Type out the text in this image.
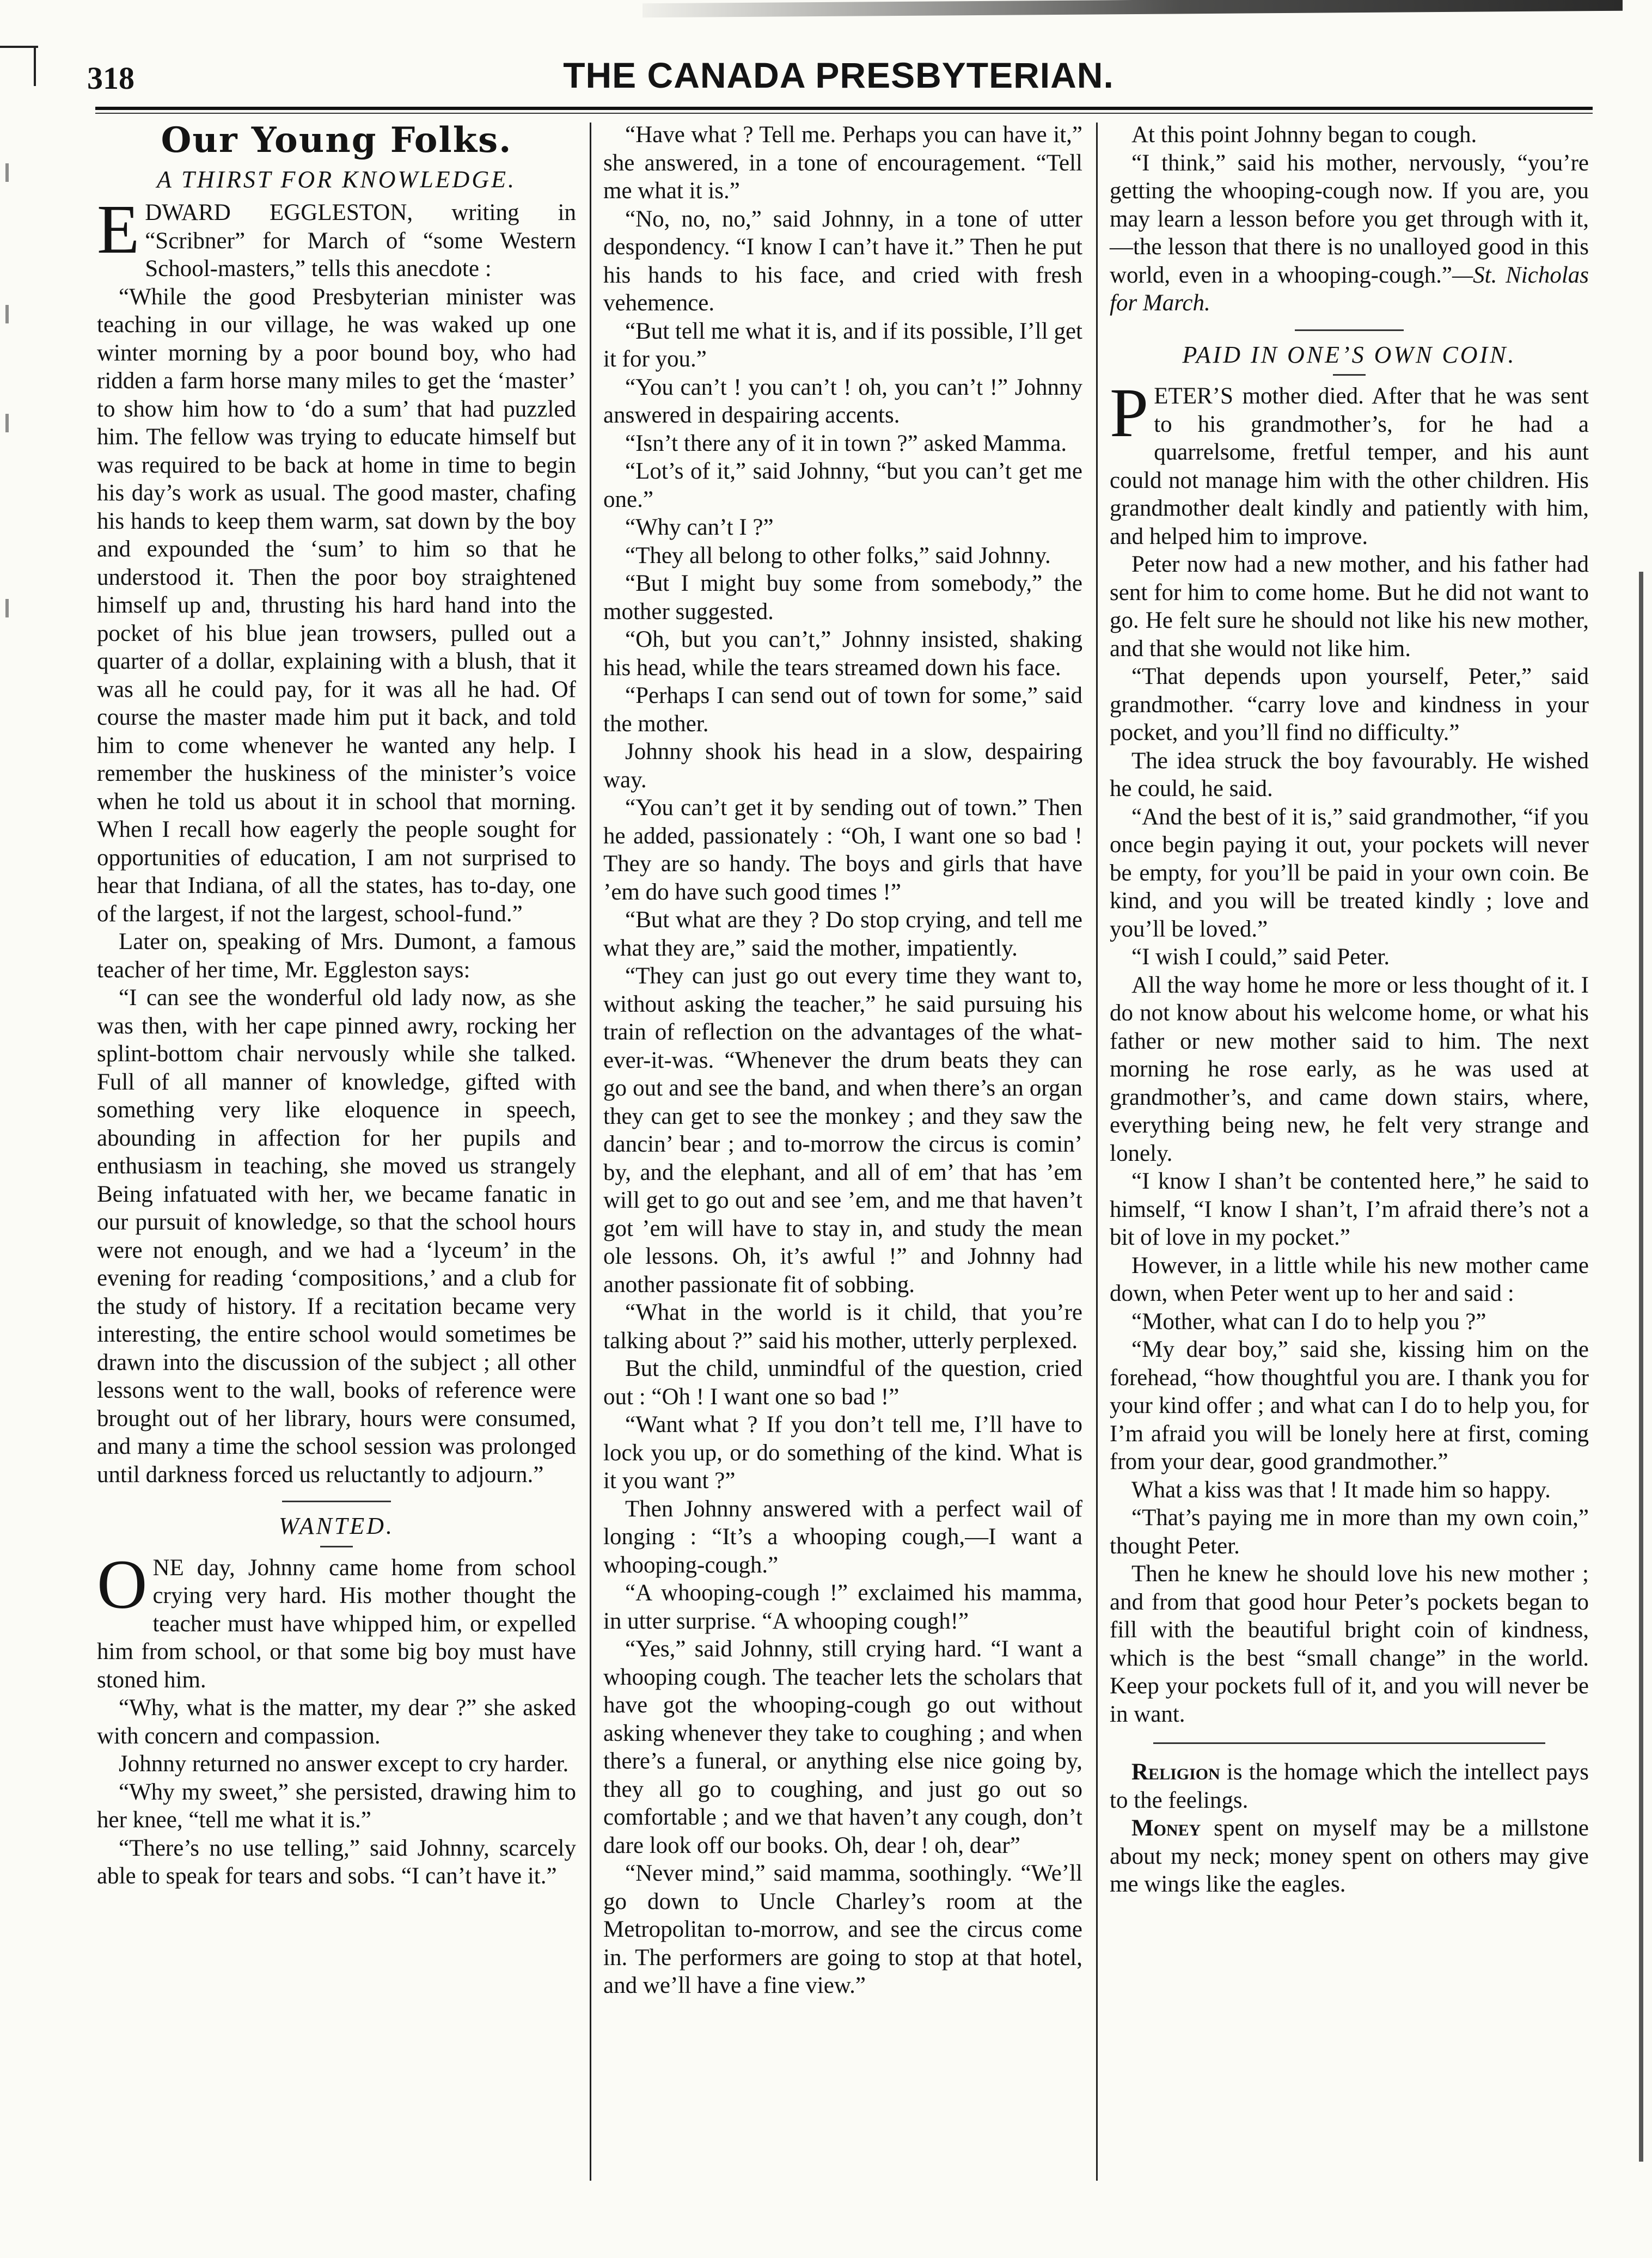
THE CANADA PRESBYTERIAN.
318
Our Young Folks.
A THIRST FOR KNOWLEDGE.

EDWARD EGGLESTON, writing in “Scribner” for March of “some Western School-masters,” tells this anecdote :

“While the good Presbyterian minister was teaching in our village, he was waked up one winter morning by a poor bound boy, who had ridden a farm horse many miles to get the ‘master’ to show him how to ‘do a sum’ that had puzzled him. The fellow was trying to educate himself but was required to be back at home in time to begin his day’s work as usual. The good master, chafing his hands to keep them warm, sat down by the boy and expounded the ‘sum’ to him so that he understood it. Then the poor boy straightened himself up and, thrusting his hard hand into the pocket of his blue jean trowsers, pulled out a quarter of a dollar, explaining with a blush, that it was all he could pay, for it was all he had. Of course the master made him put it back, and told him to come whenever he wanted any help. I remember the huskiness of the minister’s voice when he told us about it in school that morning. When I recall how eagerly the people sought for opportunities of education, I am not surprised to hear that Indiana, of all the states, has to-day, one of the largest, if not the largest, school-fund.”

Later on, speaking of Mrs. Dumont, a famous teacher of her time, Mr. Eggleston says:

“I can see the wonderful old lady now, as she was then, with her cape pinned awry, rocking her splint-bottom chair nervously while she talked. Full of all manner of knowledge, gifted with something very like eloquence in speech, abounding in affection for her pupils and enthusiasm in teaching, she moved us strangely Being infatuated with her, we became fanatic in our pursuit of knowledge, so that the school hours were not enough, and we had a ‘lyceum’ in the evening for reading ‘compositions,’ and a club for the study of history. If a recitation became very interesting, the entire school would sometimes be drawn into the discussion of the subject ; all other lessons went to the wall, books of reference were brought out of her library, hours were consumed, and many a time the school session was prolonged until darkness forced us reluctantly to adjourn.”

WANTED.

ONE day, Johnny came home from school crying very hard. His mother thought the teacher must have whipped him, or expelled him from school, or that some big boy must have stoned him.

“Why, what is the matter, my dear ?” she asked with concern and compassion.

Johnny returned no answer except to cry harder.

“Why my sweet,” she persisted, drawing him to her knee, “tell me what it is.”

“There’s no use telling,” said Johnny, scarcely able to speak for tears and sobs. “I can’t have it.”

“Have what ? Tell me. Perhaps you can have it,” she answered, in a tone of encouragement. “Tell me what it is.”

“No, no, no,” said Johnny, in a tone of utter despondency. “I know I can’t have it.” Then he put his hands to his face, and cried with fresh vehemence.

“But tell me what it is, and if its possible, I’ll get it for you.”

“You can’t ! you can’t ! oh, you can’t !” Johnny answered in despairing accents.

“Isn’t there any of it in town ?” asked Mamma.

“Lot’s of it,” said Johnny, “but you can’t get me one.”

“Why can’t I ?”

“They all belong to other folks,” said Johnny.

“But I might buy some from somebody,” the mother suggested.

“Oh, but you can’t,” Johnny insisted, shaking his head, while the tears streamed down his face.

“Perhaps I can send out of town for some,” said the mother.

Johnny shook his head in a slow, despairing way.

“You can’t get it by sending out of town.” Then he added, passionately : “Oh, I want one so bad ! They are so handy. The boys and girls that have ’em do have such good times !”

“But what are they ? Do stop crying, and tell me what they are,” said the mother, impatiently.

“They can just go out every time they want to, without asking the teacher,” he said pursuing his train of reflection on the advantages of the what-ever-it-was. “Whenever the drum beats they can go out and see the band, and when there’s an organ they can get to see the monkey ; and they saw the dancin’ bear ; and to-morrow the circus is comin’ by, and the elephant, and all of em’ that has ’em will get to go out and see ’em, and me that haven’t got ’em will have to stay in, and study the mean ole lessons. Oh, it’s awful !” and Johnny had another passionate fit of sobbing.

“What in the world is it child, that you’re talking about ?” said his mother, utterly perplexed.

But the child, unmindful of the question, cried out : “Oh ! I want one so bad !”

“Want what ? If you don’t tell me, I’ll have to lock you up, or do something of the kind. What is it you want ?”

Then Johnny answered with a perfect wail of longing : “It’s a whooping cough,—I want a whooping-cough.”

“A whooping-cough !” exclaimed his mamma, in utter surprise. “A whooping cough!”

“Yes,” said Johnny, still crying hard. “I want a whooping cough. The teacher lets the scholars that have got the whooping-cough go out without asking whenever they take to coughing ; and when there’s a funeral, or anything else nice going by, they all go to coughing, and just go out so comfortable ; and we that haven’t any cough, don’t dare look off our books. Oh, dear ! oh, dear”

“Never mind,” said mamma, soothingly. “We’ll go down to Uncle Charley’s room at the Metropolitan to-morrow, and see the circus come in. The performers are going to stop at that hotel, and we’ll have a fine view.”

At this point Johnny began to cough.

“I think,” said his mother, nervously, “you’re getting the whooping-cough now. If you are, you may learn a lesson before you get through with it,—the lesson that there is no unalloyed good in this world, even in a whooping-cough.”—St. Nicholas for March.

PAID IN ONE’S OWN COIN.

PETER’S mother died. After that he was sent to his grandmother’s, for he had a quarrelsome, fretful temper, and his aunt could not manage him with the other children. His grandmother dealt kindly and patiently with him, and helped him to improve.

Peter now had a new mother, and his father had sent for him to come home. But he did not want to go. He felt sure he should not like his new mother, and that she would not like him.

“That depends upon yourself, Peter,” said grandmother. “carry love and kindness in your pocket, and you’ll find no difficulty.”

The idea struck the boy favourably. He wished he could, he said.

“And the best of it is,” said grandmother, “if you once begin paying it out, your pockets will never be empty, for you’ll be paid in your own coin. Be kind, and you will be treated kindly ; love and you’ll be loved.”

“I wish I could,” said Peter.

All the way home he more or less thought of it. I do not know about his welcome home, or what his father or new mother said to him. The next morning he rose early, as he was used at grandmother’s, and came down stairs, where, everything being new, he felt very strange and lonely.

“I know I shan’t be contented here,” he said to himself, “I know I shan’t, I’m afraid there’s not a bit of love in my pocket.”

However, in a little while his new mother came down, when Peter went up to her and said :

“Mother, what can I do to help you ?”

“My dear boy,” said she, kissing him on the forehead, “how thoughtful you are. I thank you for your kind offer ; and what can I do to help you, for I’m afraid you will be lonely here at first, coming from your dear, good grandmother.”

What a kiss was that ! It made him so happy.

“That’s paying me in more than my own coin,” thought Peter.

Then he knew he should love his new mother ; and from that good hour Peter’s pockets began to fill with the beautiful bright coin of kindness, which is the best “small change” in the world. Keep your pockets full of it, and you will never be in want.

Religion is the homage which the intellect pays to the feelings.

Money spent on myself may be a millstone about my neck; money spent on others may give me wings like the eagles.
